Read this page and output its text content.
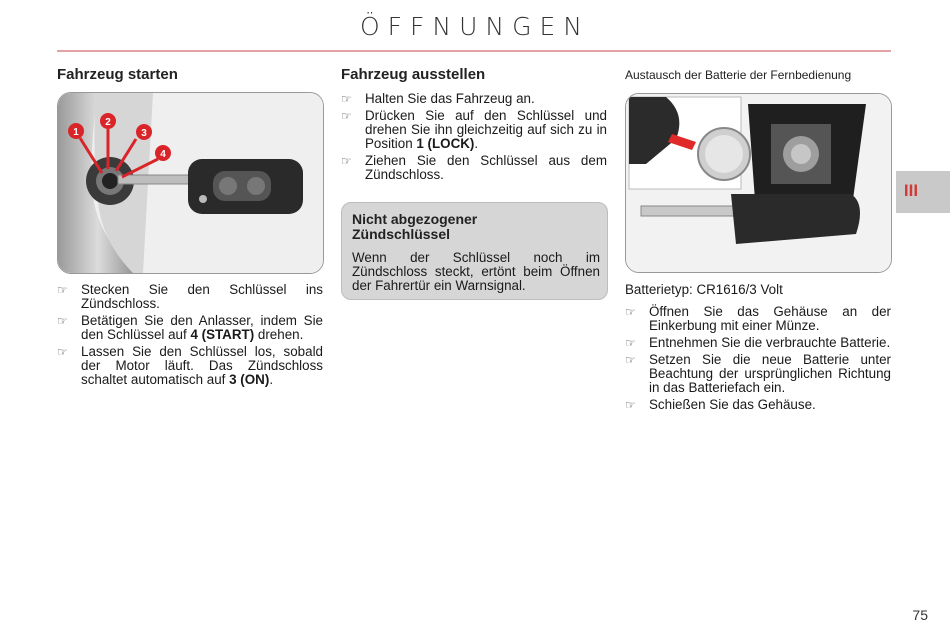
ÖFFNUNGEN
Fahrzeug starten
1
2
3
4
☞ Stecken Sie den Schlüssel ins Zündschloss.
☞ Betätigen Sie den Anlasser, indem Sie den Schlüssel auf 4 (START) drehen.
☞ Lassen Sie den Schlüssel los, sobald der Motor läuft. Das Zündschloss schaltet automatisch auf 3 (ON).
Fahrzeug ausstellen
☞ Halten Sie das Fahrzeug an.
☞ Drücken Sie auf den Schlüssel und drehen Sie ihn gleichzeitig auf sich zu in Position 1 (LOCK).
☞ Ziehen Sie den Schlüssel aus dem Zündschloss.
Nicht abgezogener Zündschlüssel
Wenn der Schlüssel noch im Zündschloss steckt, ertönt beim Öffnen der Fahrertür ein Warnsignal.
Austausch der Batterie der Fernbedienung
Batterietyp: CR1616/3 Volt
☞ Öffnen Sie das Gehäuse an der Einkerbung mit einer Münze.
☞ Entnehmen Sie die verbrauchte Batterie.
☞ Setzen Sie die neue Batterie unter Beachtung der ursprünglichen Richtung in das Batteriefach ein.
☞ Schießen Sie das Gehäuse.
III
75
